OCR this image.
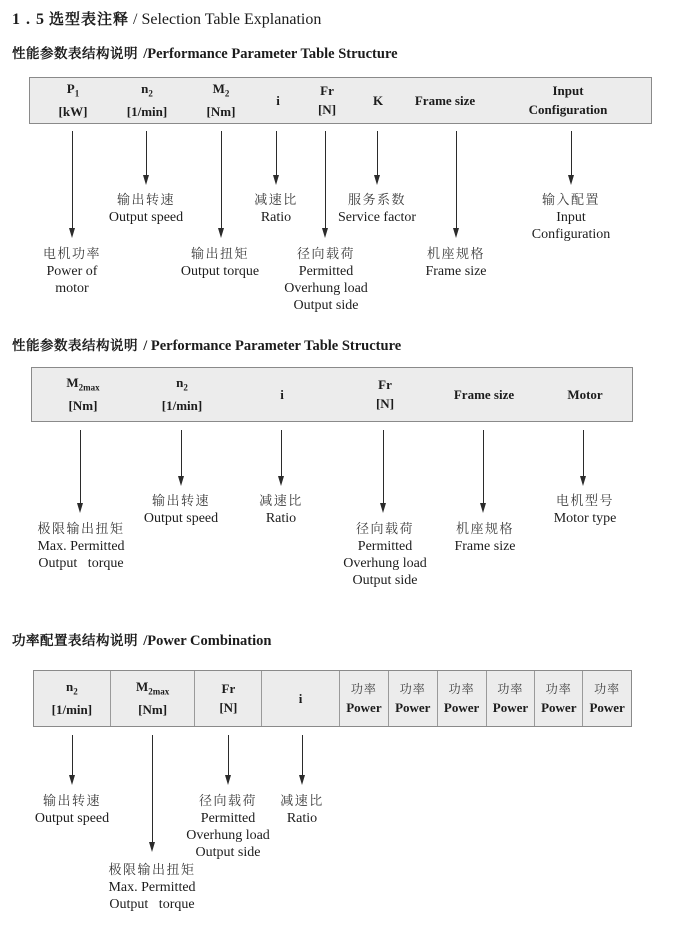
1 . 5 选型表注释 / Selection Table Explanation
性能参数表结构说明 /Performance Parameter Table Structure
$P_1$
[kW]
$n_2$
[1/min]
$M_2$
[Nm]
i
Fr
[N]
K Frame size
Input
Configuration
输出转速
Output speed
减速比
Ratio
服务系数
Service factor
输入配置
Input
Configuration
电机功率
Power of
motor
输出扭矩
Output torque
径向载荷
Permitted
Overhung load
Output side
机座规格
Frame size
性能参数表结构说明 / Performance Parameter Table Structure
$M_{2max}$
[Nm]
$n_2$
[1/min]
i
Fr
[N]
Frame size	Motor
输出转速
Output speed
减速比
Ratio
电机型号
Motor type
极限输出扭矩
Max. Permitted
Output   torque
径向载荷
Permitted
Overhung load
Output side
机座规格
Frame size
功率配置表结构说明 /Power Combination
$n_2$
[1/min]
$M_{2max}$
[Nm]
Fr
[N]
i
功率
Power
功率
Power
功率
Power
功率
Power
功率
Power
功率
Power
输出转速
Output speed
径向载荷
Permitted
Overhung load
Output side
减速比
Ratio
极限输出扭矩
Max. Permitted
Output   torque
